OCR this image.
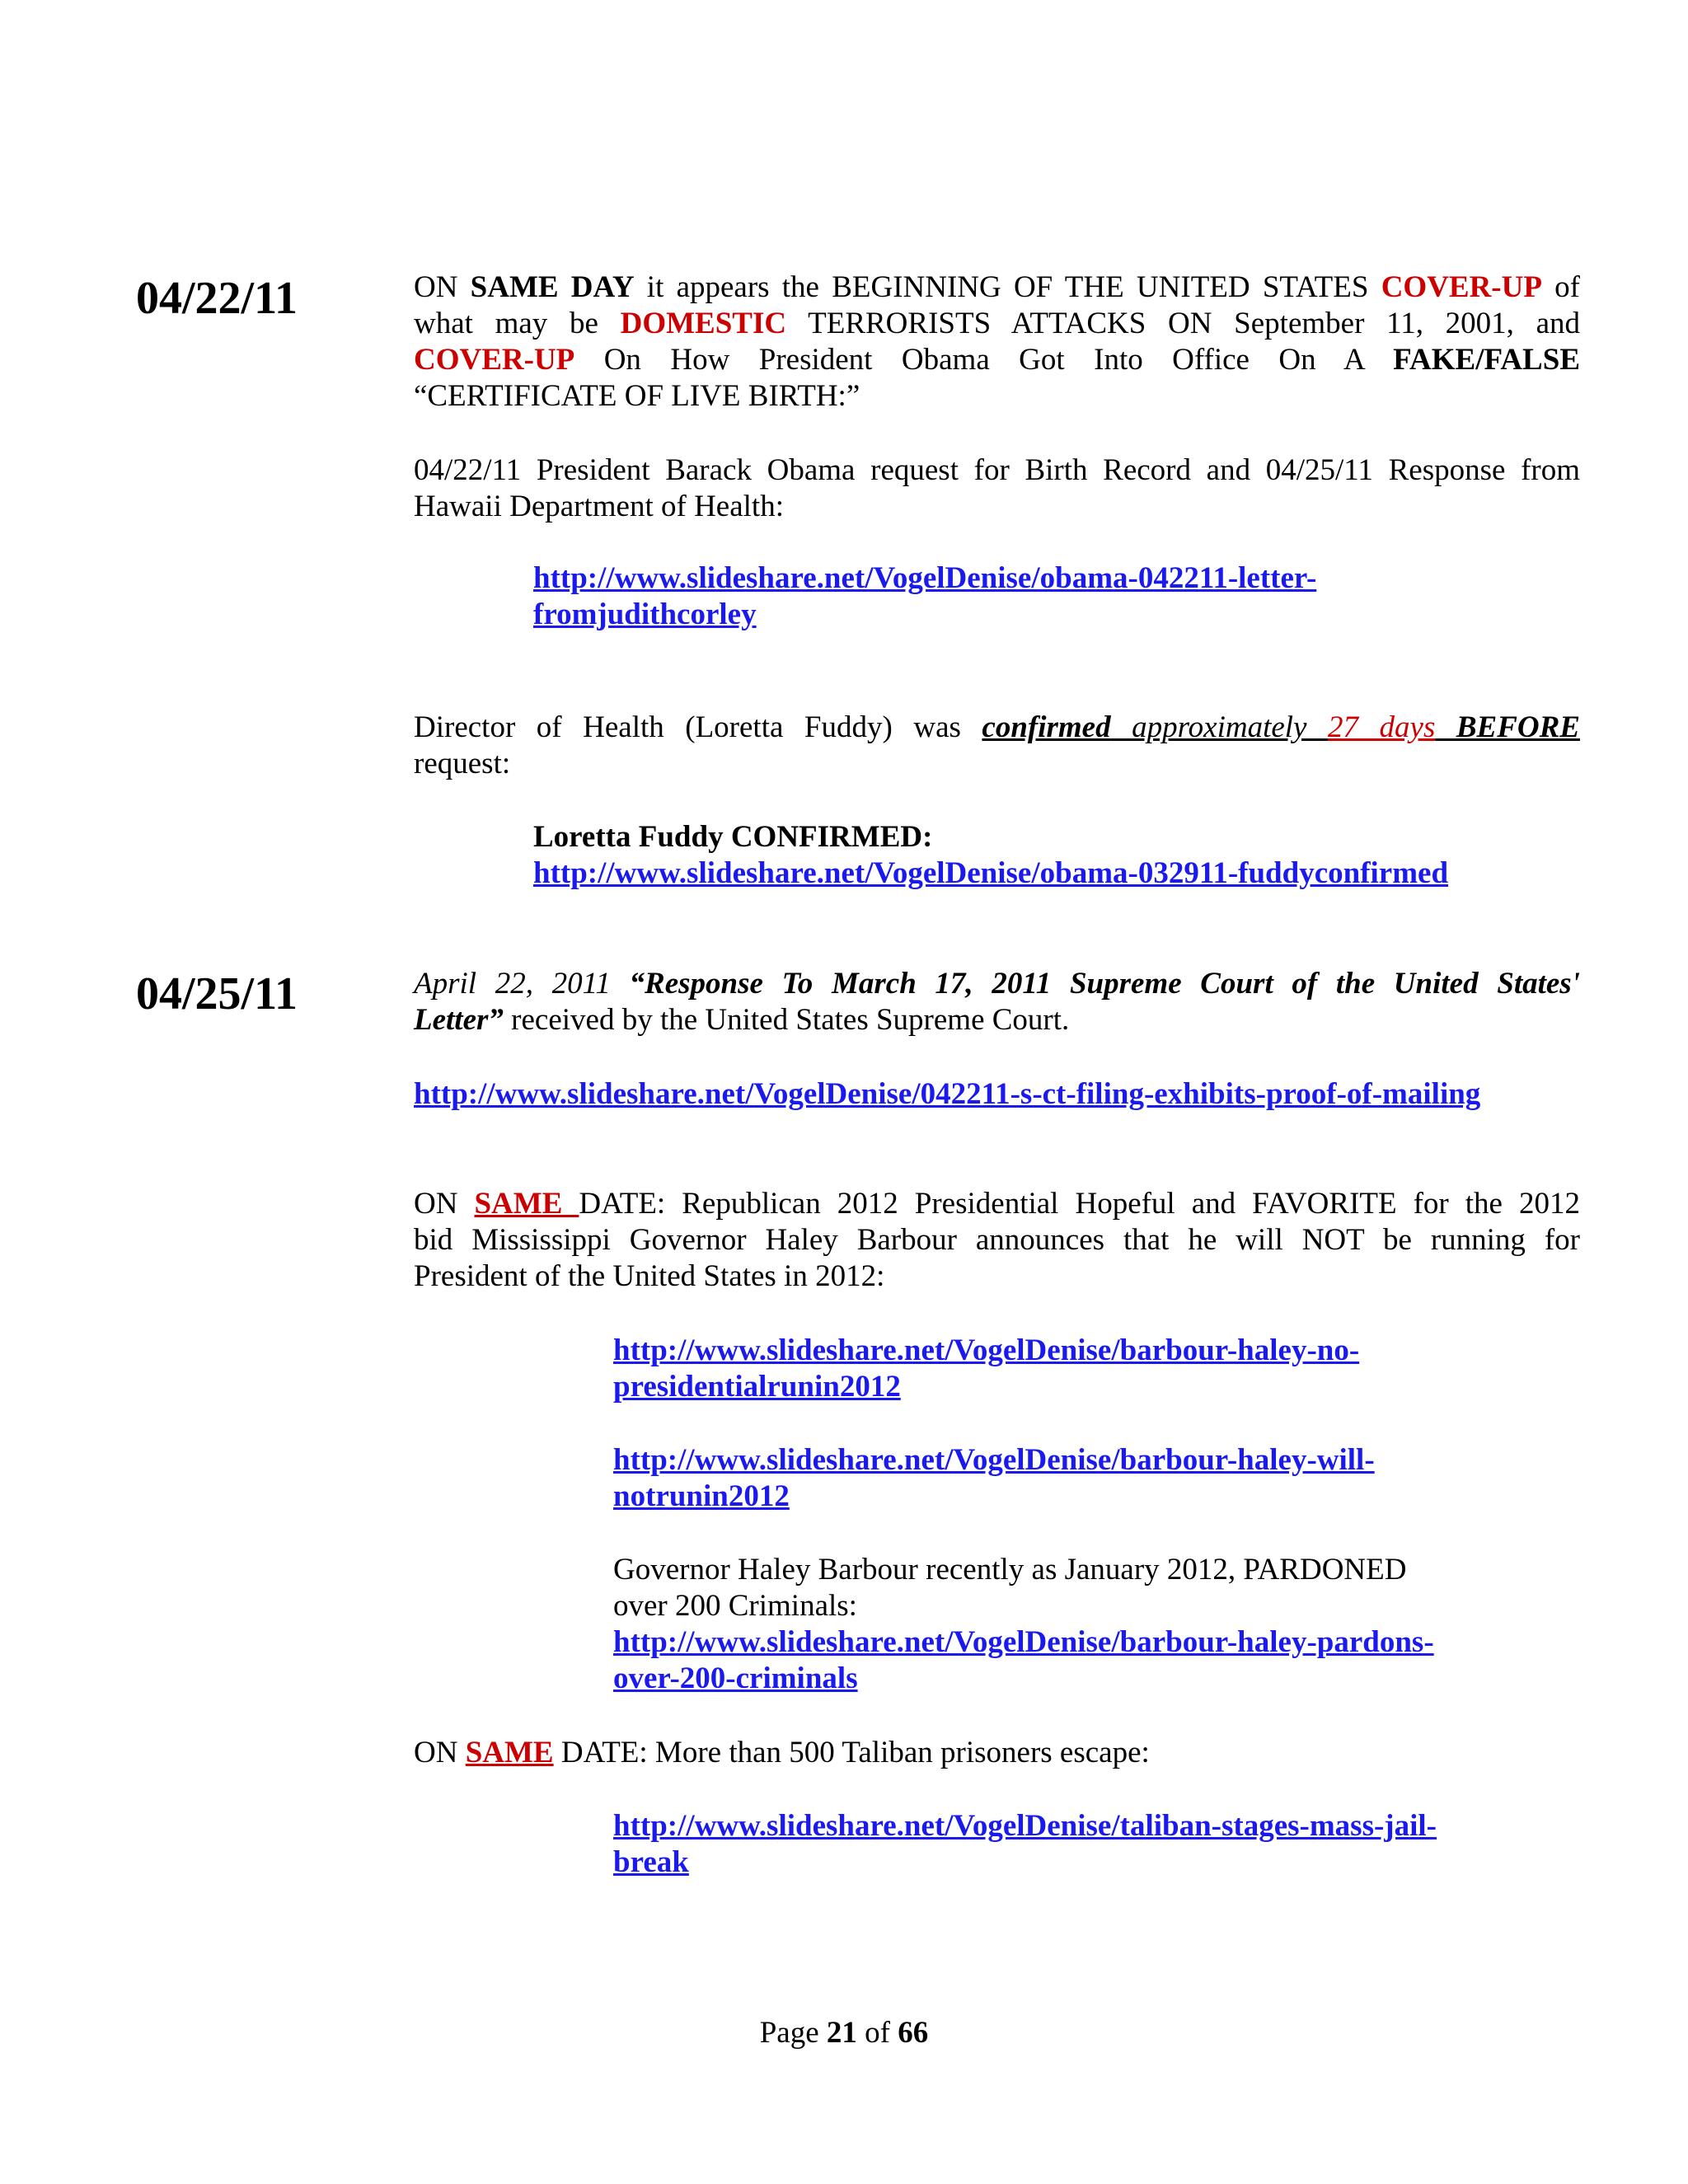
04/22/11	ON SAME DAY it appears the BEGINNING OF THE UNITED STATES COVER-UP of
what may be DOMESTIC TERRORISTS ATTACKS ON September 11, 2001, and
COVER-UP On How President Obama Got Into Office On A FAKE/FALSE
“CERTIFICATE OF LIVE BIRTH:”
04/22/11 President Barack Obama request for Birth Record and 04/25/11 Response from
Hawaii Department of Health:
http://www.slideshare.net/VogelDenise/obama-042211-letter-
fromjudithcorley
Director of Health (Loretta Fuddy) was confirmed approximately 27 days BEFORE
request:
Loretta Fuddy CONFIRMED:
http://www.slideshare.net/VogelDenise/obama-032911-fuddyconfirmed
04/25/11	April 22, 2011 “Response To March 17, 2011 Supreme Court of the United States'
Letter” received by the United States Supreme Court.
http://www.slideshare.net/VogelDenise/042211-s-ct-filing-exhibits-proof-of-mailing
ON SAME DATE: Republican 2012 Presidential Hopeful and FAVORITE for the 2012
bid Mississippi Governor Haley Barbour announces that he will NOT be running for
President of the United States in 2012:
http://www.slideshare.net/VogelDenise/barbour-haley-no-
presidentialrunin2012
http://www.slideshare.net/VogelDenise/barbour-haley-will-
notrunin2012
Governor Haley Barbour recently as January 2012, PARDONED
over 200 Criminals:
http://www.slideshare.net/VogelDenise/barbour-haley-pardons-
over-200-criminals
ON SAME DATE: More than 500 Taliban prisoners escape:
http://www.slideshare.net/VogelDenise/taliban-stages-mass-jail-
break
Page 21 of 66
